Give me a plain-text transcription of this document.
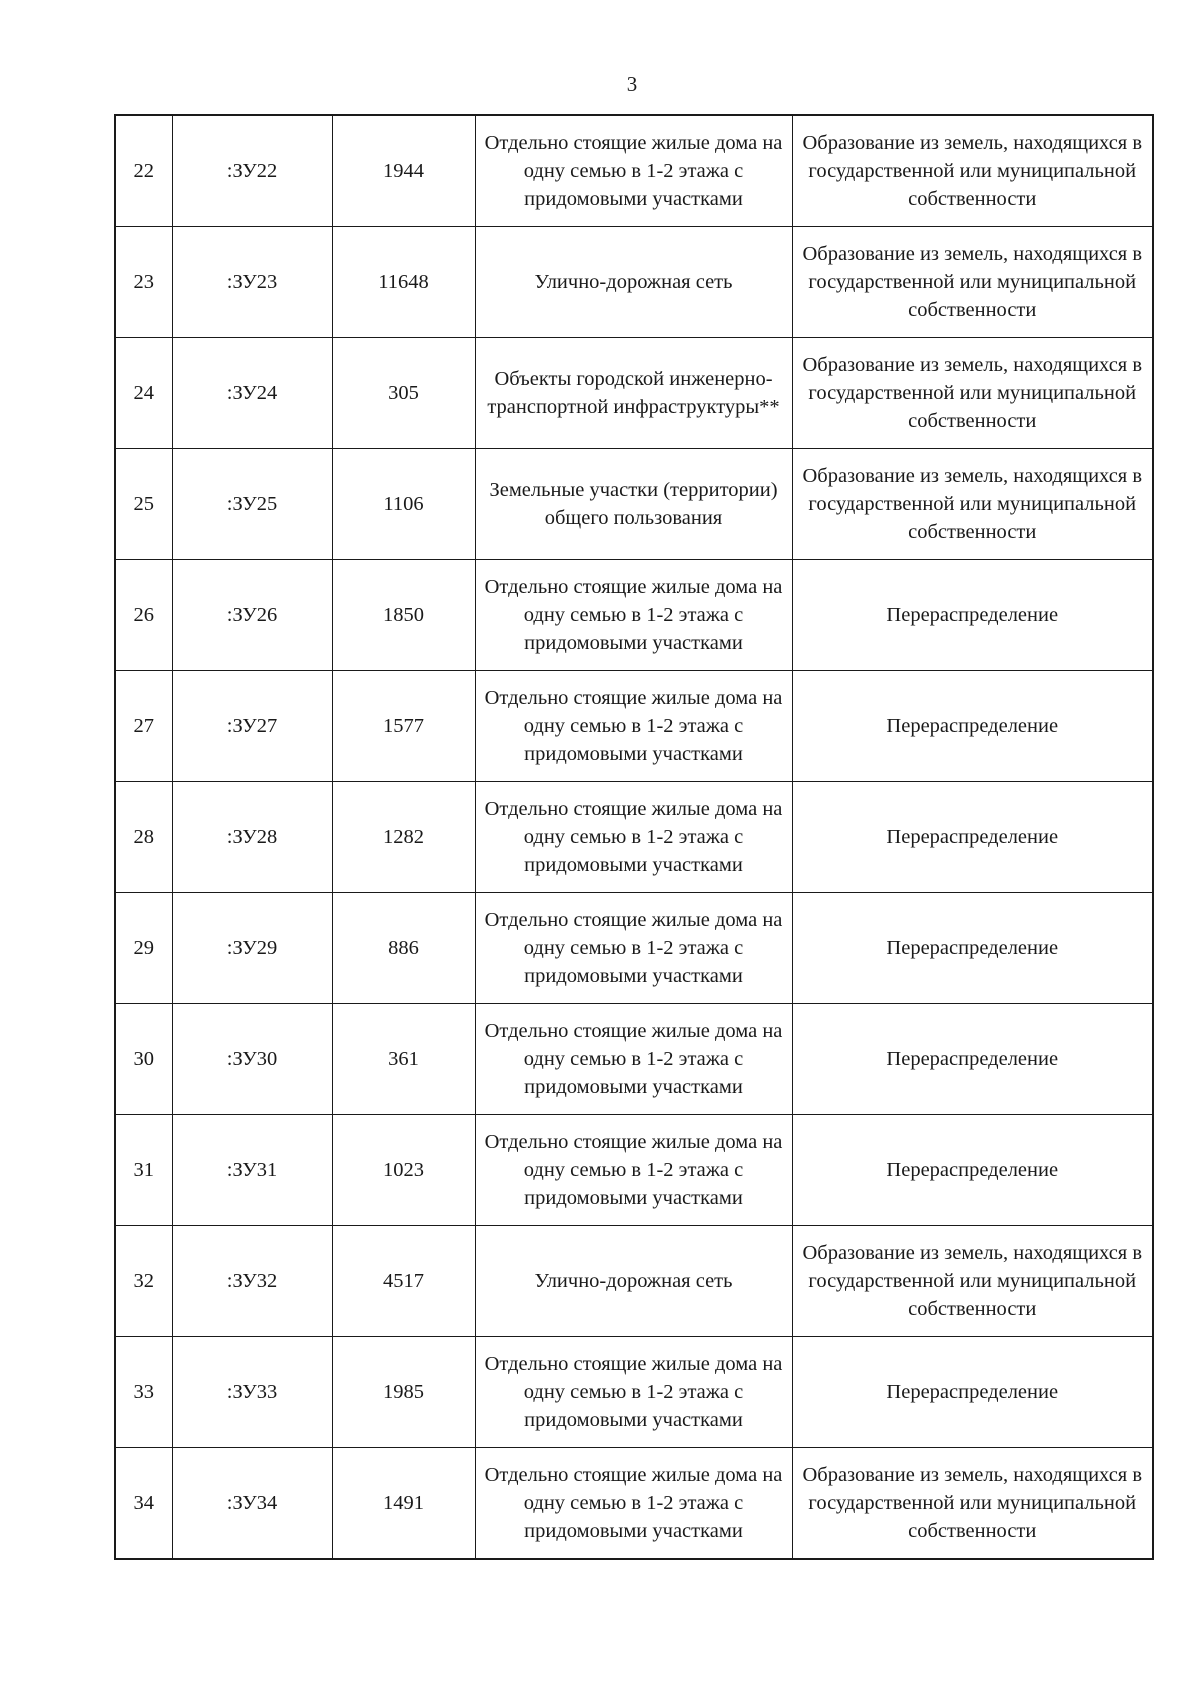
3
22	:ЗУ22	1944	Отдельно стоящие жилые дома на одну семью в 1-2 этажа с придомовыми участками	Образование из земель, находящихся в государственной или муниципальной собственности
23	:ЗУ23	11648	Улично-дорожная сеть	Образование из земель, находящихся в государственной или муниципальной собственности
24	:ЗУ24	305	Объекты городской инженерно-транспортной инфраструктуры**	Образование из земель, находящихся в государственной или муниципальной собственности
25	:ЗУ25	1106	Земельные участки (территории) общего пользования	Образование из земель, находящихся в государственной или муниципальной собственности
26	:ЗУ26	1850	Отдельно стоящие жилые дома на одну семью в 1-2 этажа с придомовыми участками	Перераспределение
27	:ЗУ27	1577	Отдельно стоящие жилые дома на одну семью в 1-2 этажа с придомовыми участками	Перераспределение
28	:ЗУ28	1282	Отдельно стоящие жилые дома на одну семью в 1-2 этажа с придомовыми участками	Перераспределение
29	:ЗУ29	886	Отдельно стоящие жилые дома на одну семью в 1-2 этажа с придомовыми участками	Перераспределение
30	:ЗУ30	361	Отдельно стоящие жилые дома на одну семью в 1-2 этажа с придомовыми участками	Перераспределение
31	:ЗУ31	1023	Отдельно стоящие жилые дома на одну семью в 1-2 этажа с придомовыми участками	Перераспределение
32	:ЗУ32	4517	Улично-дорожная сеть	Образование из земель, находящихся в государственной или муниципальной собственности
33	:ЗУ33	1985	Отдельно стоящие жилые дома на одну семью в 1-2 этажа с придомовыми участками	Перераспределение
34	:ЗУ34	1491	Отдельно стоящие жилые дома на одну семью в 1-2 этажа с придомовыми участками	Образование из земель, находящихся в государственной или муниципальной собственности
